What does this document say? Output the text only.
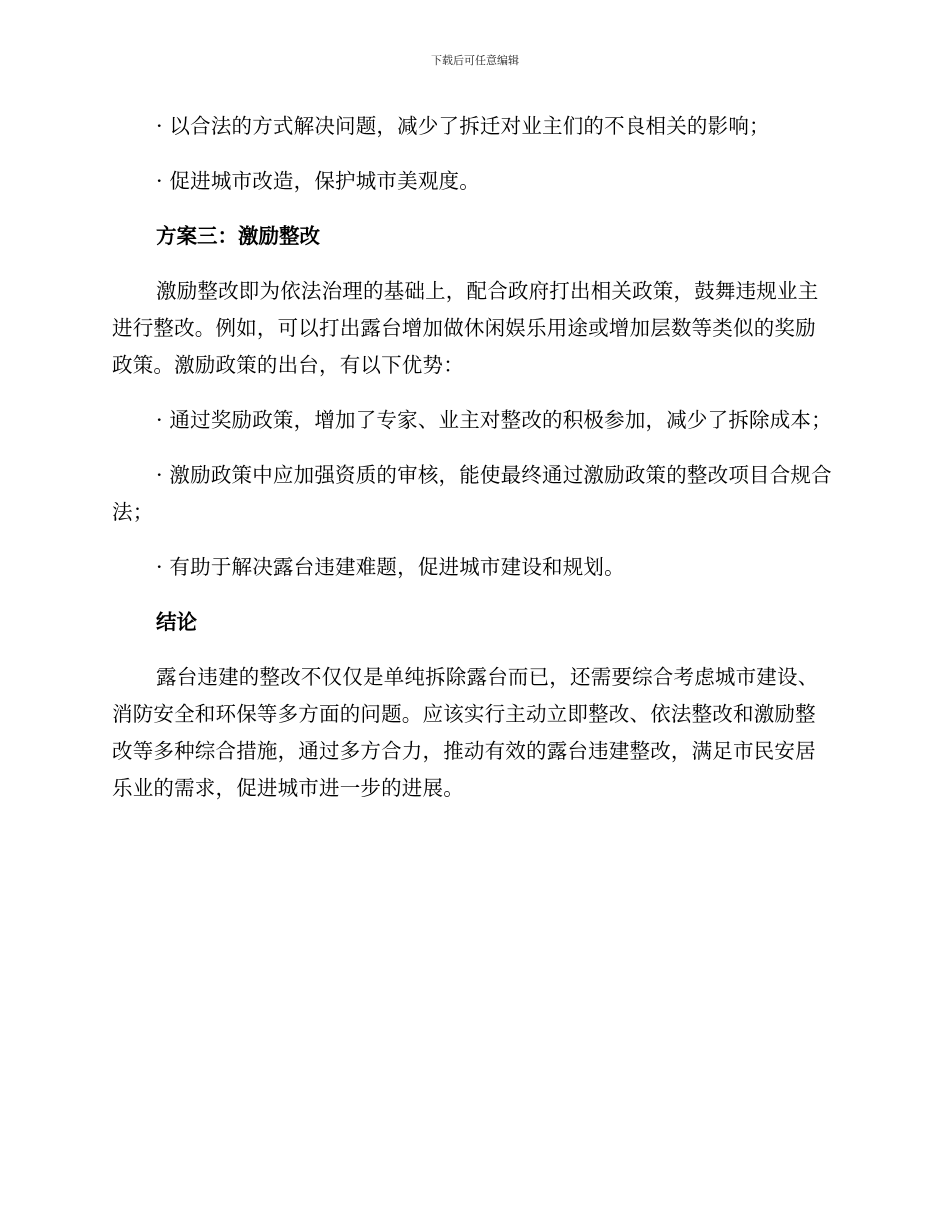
下载后可任意编辑

· 以合法的方式解决问题，减少了拆迁对业主们的不良相关的影响；

· 促进城市改造，保护城市美观度。

方案三：激励整改

激励整改即为依法治理的基础上，配合政府打出相关政策，鼓舞违规业主进行整改。例如，可以打出露台增加做休闲娱乐用途或增加层数等类似的奖励政策。激励政策的出台，有以下优势：

· 通过奖励政策，增加了专家、业主对整改的积极参加，减少了拆除成本；

· 激励政策中应加强资质的审核，能使最终通过激励政策的整改项目合规合法；

· 有助于解决露台违建难题，促进城市建设和规划。

结论

露台违建的整改不仅仅是单纯拆除露台而已，还需要综合考虑城市建设、消防安全和环保等多方面的问题。应该实行主动立即整改、依法整改和激励整改等多种综合措施，通过多方合力，推动有效的露台违建整改，满足市民安居乐业的需求，促进城市进一步的进展。
